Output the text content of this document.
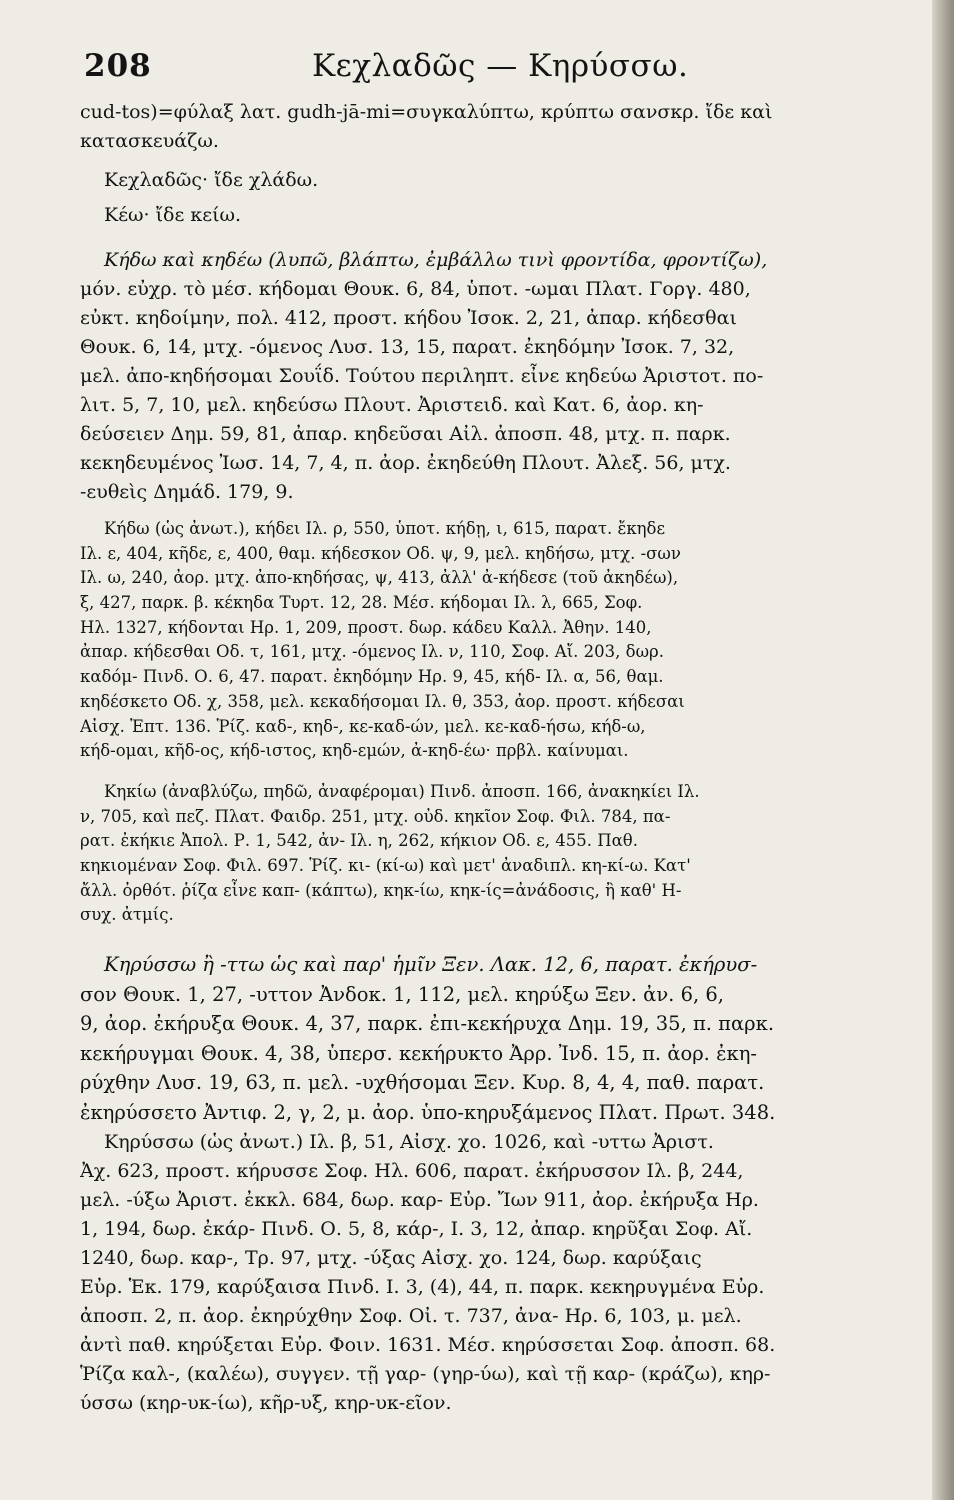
208	Κεχλαδῶς — Κηρύσσω.
cud-tos)=φύλαξ λατ. gudh-jā-mi=συγκαλύπτω, κρύπτω σανσκρ. ἴδε καὶ
κατασκευάζω.
Κεχλαδῶς· ἴδε χλάδω.
Κέω· ἴδε κείω.
Κήδω καὶ κηδέω (λυπῶ, βλάπτω, ἐμβάλλω τινὶ φροντίδα, φροντίζω),
μόν. εὐχρ. τὸ μέσ. κήδομαι Θουκ. 6, 84, ὑποτ. -ωμαι Πλατ. Γοργ. 480,
εὐκτ. κηδοίμην, πολ. 412, προστ. κήδου Ἰσοκ. 2, 21, ἀπαρ. κήδεσθαι
Θουκ. 6, 14, μτχ. -όμενος Λυσ. 13, 15, παρατ. ἐκηδόμην Ἰσοκ. 7, 32,
μελ. ἀπο-κηδήσομαι Σουΐδ. Τούτου περιληπτ. εἶνε κηδεύω Ἀριστοτ. πο-
λιτ. 5, 7, 10, μελ. κηδεύσω Πλουτ. Ἀριστειδ. καὶ Κατ. 6, ἀορ. κη-
δεύσειεν Δημ. 59, 81, ἀπαρ. κηδεῦσαι Αἰλ. ἀποσπ. 48, μτχ. π. παρκ.
κεκηδευμένος Ἰωσ. 14, 7, 4, π. ἀορ. ἐκηδεύθη Πλουτ. Ἀλεξ. 56, μτχ.
-ευθεὶς Δημάδ. 179, 9.
Κήδω (ὡς ἀνωτ.), κήδει Ιλ. ρ, 550, ὑποτ. κήδῃ, ι, 615, παρατ. ἔκηδε
Ιλ. ε, 404, κῆδε, ε, 400, θαμ. κήδεσκον Οδ. ψ, 9, μελ. κηδήσω, μτχ. -σων
Ιλ. ω, 240, ἀορ. μτχ. ἀπο-κηδήσας, ψ, 413, ἀλλ' ἀ-κήδεσε (τοῦ ἀκηδέω),
ξ, 427, παρκ. β. κέκηδα Τυρτ. 12, 28. Μέσ. κήδομαι Ιλ. λ, 665, Σοφ.
Ηλ. 1327, κήδονται Ηρ. 1, 209, προστ. δωρ. κάδευ Καλλ. Ἀθην. 140,
ἀπαρ. κήδεσθαι Οδ. τ, 161, μτχ. -όμενος Ιλ. ν, 110, Σοφ. Αἴ. 203, δωρ.
καδόμ- Πινδ. Ο. 6, 47. παρατ. ἐκηδόμην Ηρ. 9, 45, κήδ- Ιλ. α, 56, θαμ.
κηδέσκετο Οδ. χ, 358, μελ. κεκαδήσομαι Ιλ. θ, 353, ἀορ. προστ. κήδεσαι
Αἰσχ. Ἑπτ. 136. Ῥίζ. καδ-, κηδ-, κε-καδ-ών, μελ. κε-καδ-ήσω, κήδ-ω,
κήδ-ομαι, κῆδ-ος, κήδ-ιστος, κηδ-εμών, ἀ-κηδ-έω· πρβλ. καίνυμαι.
Κηκίω (ἀναβλύζω, πηδῶ, ἀναφέρομαι) Πινδ. ἀποσπ. 166, ἀνακηκίει Ιλ.
ν, 705, καὶ πεζ. Πλατ. Φαιδρ. 251, μτχ. οὐδ. κηκῖον Σοφ. Φιλ. 784, πα-
ρατ. ἐκήκιε Ἀπολ. Ρ. 1, 542, ἀν- Ιλ. η, 262, κήκιον Οδ. ε, 455. Παθ.
κηκιομέναν Σοφ. Φιλ. 697. Ῥίζ. κι- (κί-ω) καὶ μετ' ἀναδιπλ. κη-κί-ω. Κατ'
ἄλλ. ὀρθότ. ῥίζα εἶνε καπ- (κάπτω), κηκ-ίω, κηκ-ίς=ἀνάδοσις, ἢ καθ' Η-
συχ. ἀτμίς.
Κηρύσσω ἢ -ττω ὡς καὶ παρ' ἡμῖν Ξεν. Λακ. 12, 6, παρατ. ἐκήρυσ-
σον Θουκ. 1, 27, -υττον Ἀνδοκ. 1, 112, μελ. κηρύξω Ξεν. ἀν. 6, 6,
9, ἀορ. ἐκήρυξα Θουκ. 4, 37, παρκ. ἐπι-κεκήρυχα Δημ. 19, 35, π. παρκ.
κεκήρυγμαι Θουκ. 4, 38, ὑπερσ. κεκήρυκτο Ἀρρ. Ἰνδ. 15, π. ἀορ. ἐκη-
ρύχθην Λυσ. 19, 63, π. μελ. -υχθήσομαι Ξεν. Κυρ. 8, 4, 4, παθ. παρατ.
ἐκηρύσσετο Ἀντιφ. 2, γ, 2, μ. ἀορ. ὑπο-κηρυξάμενος Πλατ. Πρωτ. 348.
Κηρύσσω (ὡς ἀνωτ.) Ιλ. β, 51, Αἰσχ. χο. 1026, καὶ -υττω Ἀριστ.
Ἀχ. 623, προστ. κήρυσσε Σοφ. Ηλ. 606, παρατ. ἐκήρυσσον Ιλ. β, 244,
μελ. -ύξω Ἀριστ. ἐκκλ. 684, δωρ. καρ- Εὐρ. Ἴων 911, ἀορ. ἐκήρυξα Ηρ.
1, 194, δωρ. ἐκάρ- Πινδ. Ο. 5, 8, κάρ-, Ι. 3, 12, ἀπαρ. κηρῦξαι Σοφ. Αἴ.
1240, δωρ. καρ-, Τρ. 97, μτχ. -ύξας Αἰσχ. χο. 124, δωρ. καρύξαις
Εὐρ. Ἑκ. 179, καρύξαισα Πινδ. Ι. 3, (4), 44, π. παρκ. κεκηρυγμένα Εὐρ.
ἀποσπ. 2, π. ἀορ. ἐκηρύχθην Σοφ. Οἰ. τ. 737, ἀνα- Ηρ. 6, 103, μ. μελ.
ἀντὶ παθ. κηρύξεται Εὐρ. Φοιν. 1631. Μέσ. κηρύσσεται Σοφ. ἀποσπ. 68.
Ῥίζα καλ-, (καλέω), συγγεν. τῇ γαρ- (γηρ-ύω), καὶ τῇ καρ- (κράζω), κηρ-
ύσσω (κηρ-υκ-ίω), κῆρ-υξ, κηρ-υκ-εῖον.
